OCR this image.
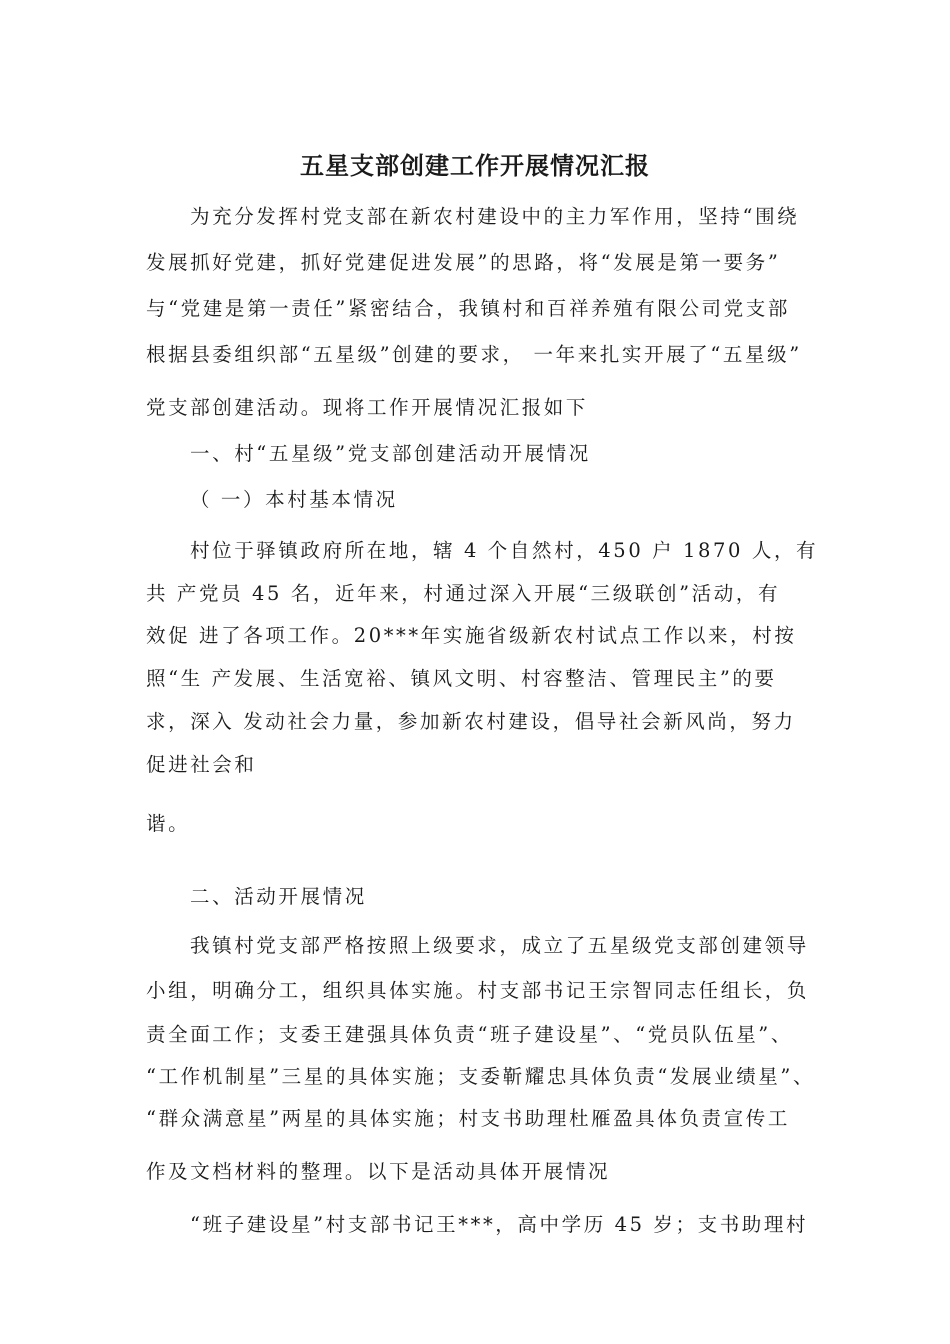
五星支部创建工作开展情况汇报
为充分发挥村党支部在新农村建设中的主力军作用，坚持“围绕
发展抓好党建，抓好党建促进发展”的思路，将“发展是第一要务”
与“党建是第一责任”紧密结合，我镇村和百祥养殖有限公司党支部
根据县委组织部“五星级”创建的要求， 一年来扎实开展了“五星级”
党支部创建活动。现将工作开展情况汇报如下
一、村“五星级”党支部创建活动开展情况
（ 一）本村基本情况
村位于驿镇政府所在地，辖 4 个自然村，450 户 1870 人，有
共 产党员 45 名，近年来，村通过深入开展“三级联创”活动，有
效促 进了各项工作。20***年实施省级新农村试点工作以来，村按
照“生 产发展、生活宽裕、镇风文明、村容整洁、管理民主”的要
求，深入 发动社会力量，参加新农村建设，倡导社会新风尚，努力
促进社会和
谐。
二、活动开展情况
我镇村党支部严格按照上级要求，成立了五星级党支部创建领导
小组，明确分工，组织具体实施。村支部书记王宗智同志任组长，负
责全面工作；支委王建强具体负责“班子建设星”、“党员队伍星”、
“工作机制星”三星的具体实施；支委靳耀忠具体负责“发展业绩星”、
“群众满意星”两星的具体实施；村支书助理杜雁盈具体负责宣传工
作及文档材料的整理。以下是活动具体开展情况
“班子建设星”村支部书记王***，高中学历 45 岁；支书助理村
